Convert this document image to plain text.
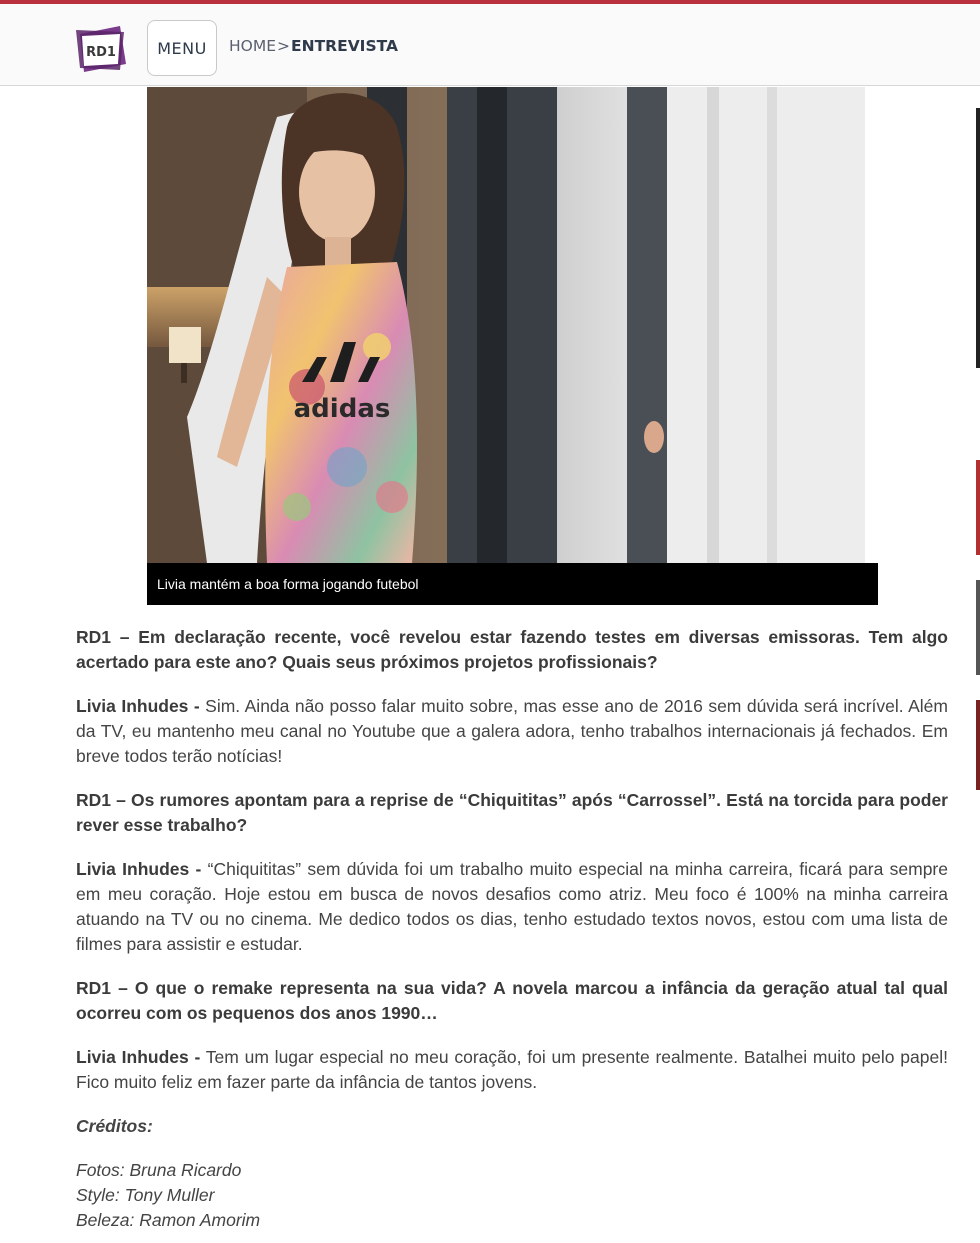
RD1	MENU	HOME>ENTREVISTA
adidas
Livia mantém a boa forma jogando futebol

RD1 – Em declaração recente, você revelou estar fazendo testes em diversas emissoras. Tem algo acertado para este ano? Quais seus próximos projetos profissionais?

Livia Inhudes - Sim. Ainda não posso falar muito sobre, mas esse ano de 2016 sem dúvida será incrível. Além da TV, eu mantenho meu canal no Youtube que a galera adora, tenho trabalhos internacionais já fechados. Em breve todos terão notícias!

RD1 – Os rumores apontam para a reprise de “Chiquititas” após “Carrossel”. Está na torcida para poder rever esse trabalho?

Livia Inhudes - “Chiquititas” sem dúvida foi um trabalho muito especial na minha carreira, ficará para sempre em meu coração. Hoje estou em busca de novos desafios como atriz. Meu foco é 100% na minha carreira atuando na TV ou no cinema. Me dedico todos os dias, tenho estudado textos novos, estou com uma lista de filmes para assistir e estudar.

RD1 – O que o remake representa na sua vida? A novela marcou a infância da geração atual tal qual ocorreu com os pequenos dos anos 1990…

Livia Inhudes - Tem um lugar especial no meu coração, foi um presente realmente. Batalhei muito pelo papel! Fico muito feliz em fazer parte da infância de tantos jovens.

Créditos:

Fotos: Bruna Ricardo
Style: Tony Muller
Beleza: Ramon Amorim
